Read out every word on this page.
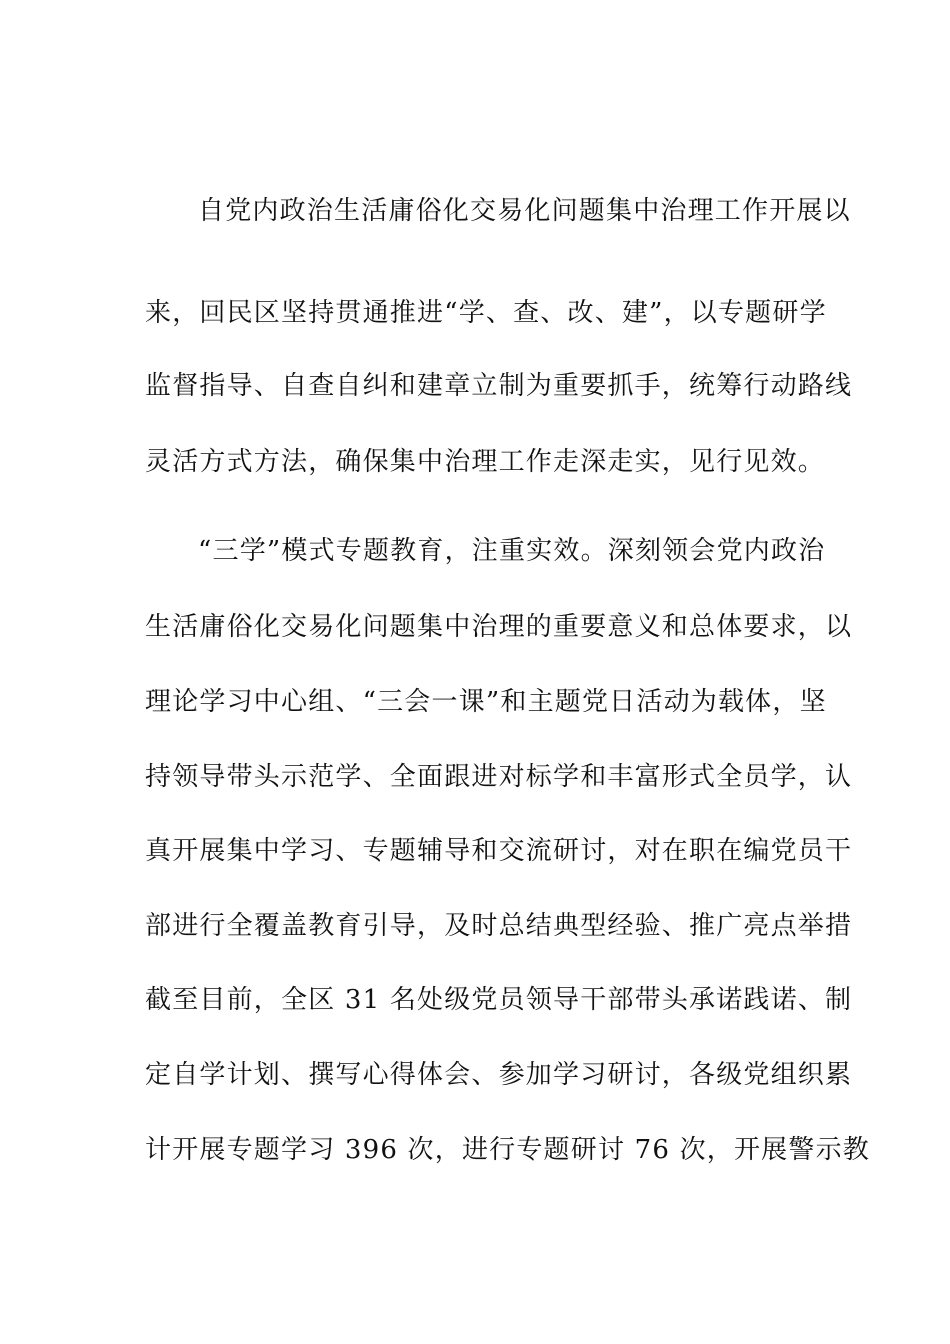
自党内政治生活庸俗化交易化问题集中治理工作开展以
来，回民区坚持贯通推进“学、查、改、建”，以专题研学
监督指导、自查自纠和建章立制为重要抓手，统筹行动路线
灵活方式方法，确保集中治理工作走深走实，见行见效。
“三学”模式专题教育，注重实效。深刻领会党内政治
生活庸俗化交易化问题集中治理的重要意义和总体要求，以
理论学习中心组、“三会一课”和主题党日活动为载体，坚
持领导带头示范学、全面跟进对标学和丰富形式全员学，认
真开展集中学习、专题辅导和交流研讨，对在职在编党员干
部进行全覆盖教育引导，及时总结典型经验、推广亮点举措
截至目前，全区 31 名处级党员领导干部带头承诺践诺、制
定自学计划、撰写心得体会、参加学习研讨，各级党组织累
计开展专题学习 396 次，进行专题研讨 76 次，开展警示教
